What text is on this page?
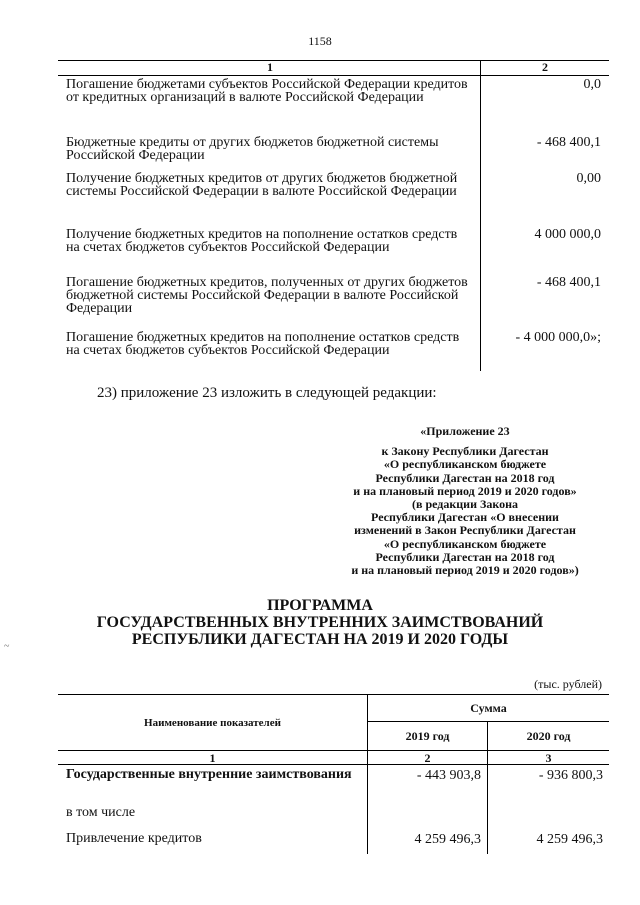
1158
~
1	2
Погашение бюджетами субъектов Российской Федерации кредитов от кредитных организаций в валюте Российской Федерации	0,0
Бюджетные кредиты от других бюджетов бюджетной системы Российской Федерации	- 468 400,1
Получение бюджетных кредитов от других бюджетов бюджетной системы Российской Федерации в валюте Российской Федерации	0,00
Получение бюджетных кредитов на пополнение остатков средств на счетах бюджетов субъектов Российской Федерации	4 000 000,0
Погашение бюджетных кредитов, полученных от других бюджетов бюджетной системы Российской Федерации в валюте Российской Федерации	- 468 400,1
Погашение бюджетных кредитов на пополнение остатков средств на счетах бюджетов субъектов Российской Федерации	- 4 000 000,0»;
23) приложение 23 изложить в следующей редакции:
«Приложение 23
к Закону Республики Дагестан
«О республиканском бюджете
Республики Дагестан на 2018 год
и на плановый период 2019 и 2020 годов»
(в редакции Закона
Республики Дагестан «О внесении
изменений в Закон Республики Дагестан
«О республиканском бюджете
Республики Дагестан на 2018 год
и на плановый период 2019 и 2020 годов»)
ПРОГРАММА
ГОСУДАРСТВЕННЫХ ВНУТРЕННИХ ЗАИМСТВОВАНИЙ
РЕСПУБЛИКИ ДАГЕСТАН НА 2019 И 2020 ГОДЫ
(тыс. рублей)
Наименование показателей	Сумма	
	2019 год	2020 год
1	2	3
Государственные внутренние заимствования	- 443 903,8	- 936 800,3
в том числе		
Привлечение кредитов	4 259 496,3	4 259 496,3
